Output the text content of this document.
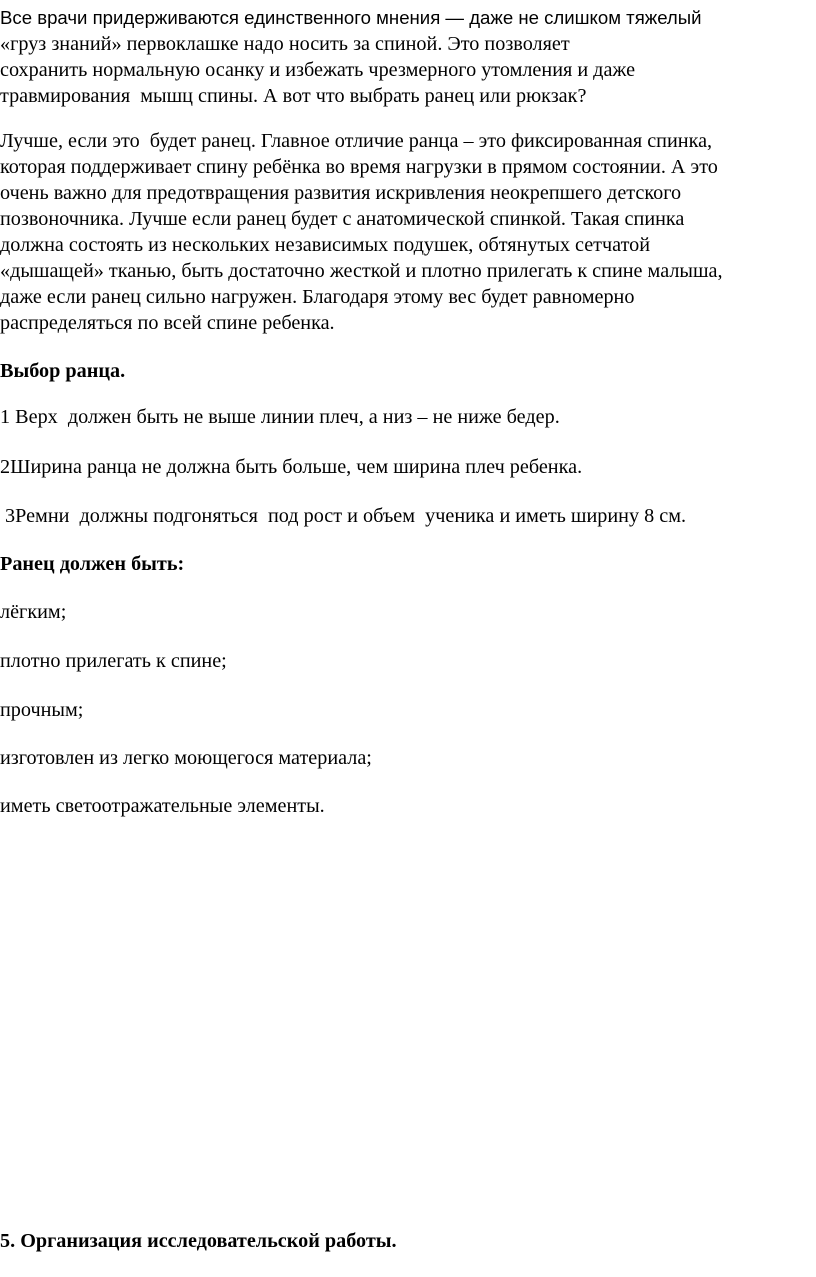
Все врачи придерживаются единственного мнения — даже не слишком тяжелый
«груз знаний» первоклашке надо носить за спиной. Это позволяет
сохранить нормальную осанку и избежать чрезмерного утомления и даже
травмирования  мышц спины. А вот что выбрать ранец или рюкзак?
Лучше, если это  будет ранец. Главное отличие ранца – это фиксированная спинка,
которая поддерживает спину ребёнка во время нагрузки в прямом состоянии. А это
очень важно для предотвращения развития искривления неокрепшего детского
позвоночника. Лучше если ранец будет с анатомической спинкой. Такая спинка
должна состоять из нескольких независимых подушек, обтянутых сетчатой
«дышащей» тканью, быть достаточно жесткой и плотно прилегать к спине малыша,
даже если ранец сильно нагружен. Благодаря этому вес будет равномерно
распределяться по всей спине ребенка.
Выбор ранца.
1 Верх  должен быть не выше линии плеч, а низ – не ниже бедер.
2Ширина ранца не должна быть больше, чем ширина плеч ребенка.
3Ремни  должны подгоняться  под рост и объем  ученика и иметь ширину 8 см.
Ранец должен быть:
лёгким;
плотно прилегать к спине;
прочным;
изготовлен из легко моющегося материала;
иметь светоотражательные элементы.
5. Организация исследовательской работы.
